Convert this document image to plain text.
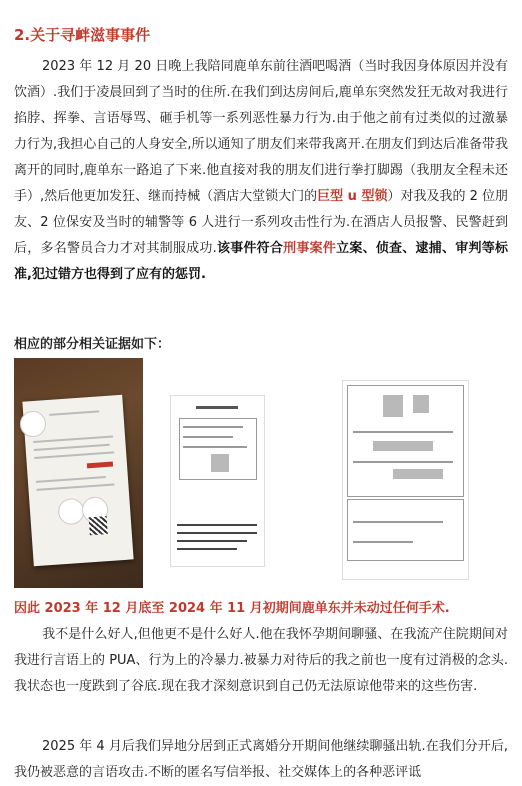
2.关于寻衅滋事事件

2023 年 12 月 20 日晚上我陪同鹿单东前往酒吧喝酒（当时我因身体原因并没有饮酒）.我们于凌晨回到了当时的住所.在我们到达房间后,鹿单东突然发狂无故对我进行掐脖、挥拳、言语辱骂、砸手机等一系列恶性暴力行为.由于他之前有过类似的过激暴力行为,我担心自己的人身安全,所以通知了朋友们来带我离开.在朋友们到达后准备带我离开的同时,鹿单东一路追了下来.他直接对我的朋友们进行拳打脚踢（我朋友全程未还手）,然后他更加发狂、继而持械（酒店大堂锁大门的巨型 u 型锁）对我及我的 2 位朋友、2 位保安及当时的辅警等 6 人进行一系列攻击性行为.在酒店人员报警、民警赶到后，多名警员合力才对其制服成功.该事件符合刑事案件立案、侦查、逮捕、审判等标准,犯过错方也得到了应有的惩罚.

相应的部分相关证据如下：

因此 2023 年 12 月底至 2024 年 11 月初期间鹿单东并未动过任何手术.

我不是什么好人,但他更不是什么好人.他在我怀孕期间聊骚、在我流产住院期间对我进行言语上的 PUA、行为上的冷暴力.被暴力对待后的我之前也一度有过消极的念头.我状态也一度跌到了谷底.现在我才深刻意识到自己仍无法原谅他带来的这些伤害.

2025 年 4 月后我们异地分居到正式离婚分开期间他继续聊骚出轨.在我们分开后,我仍被恶意的言语攻击.不断的匿名写信举报、社交媒体上的各种恶评诋
